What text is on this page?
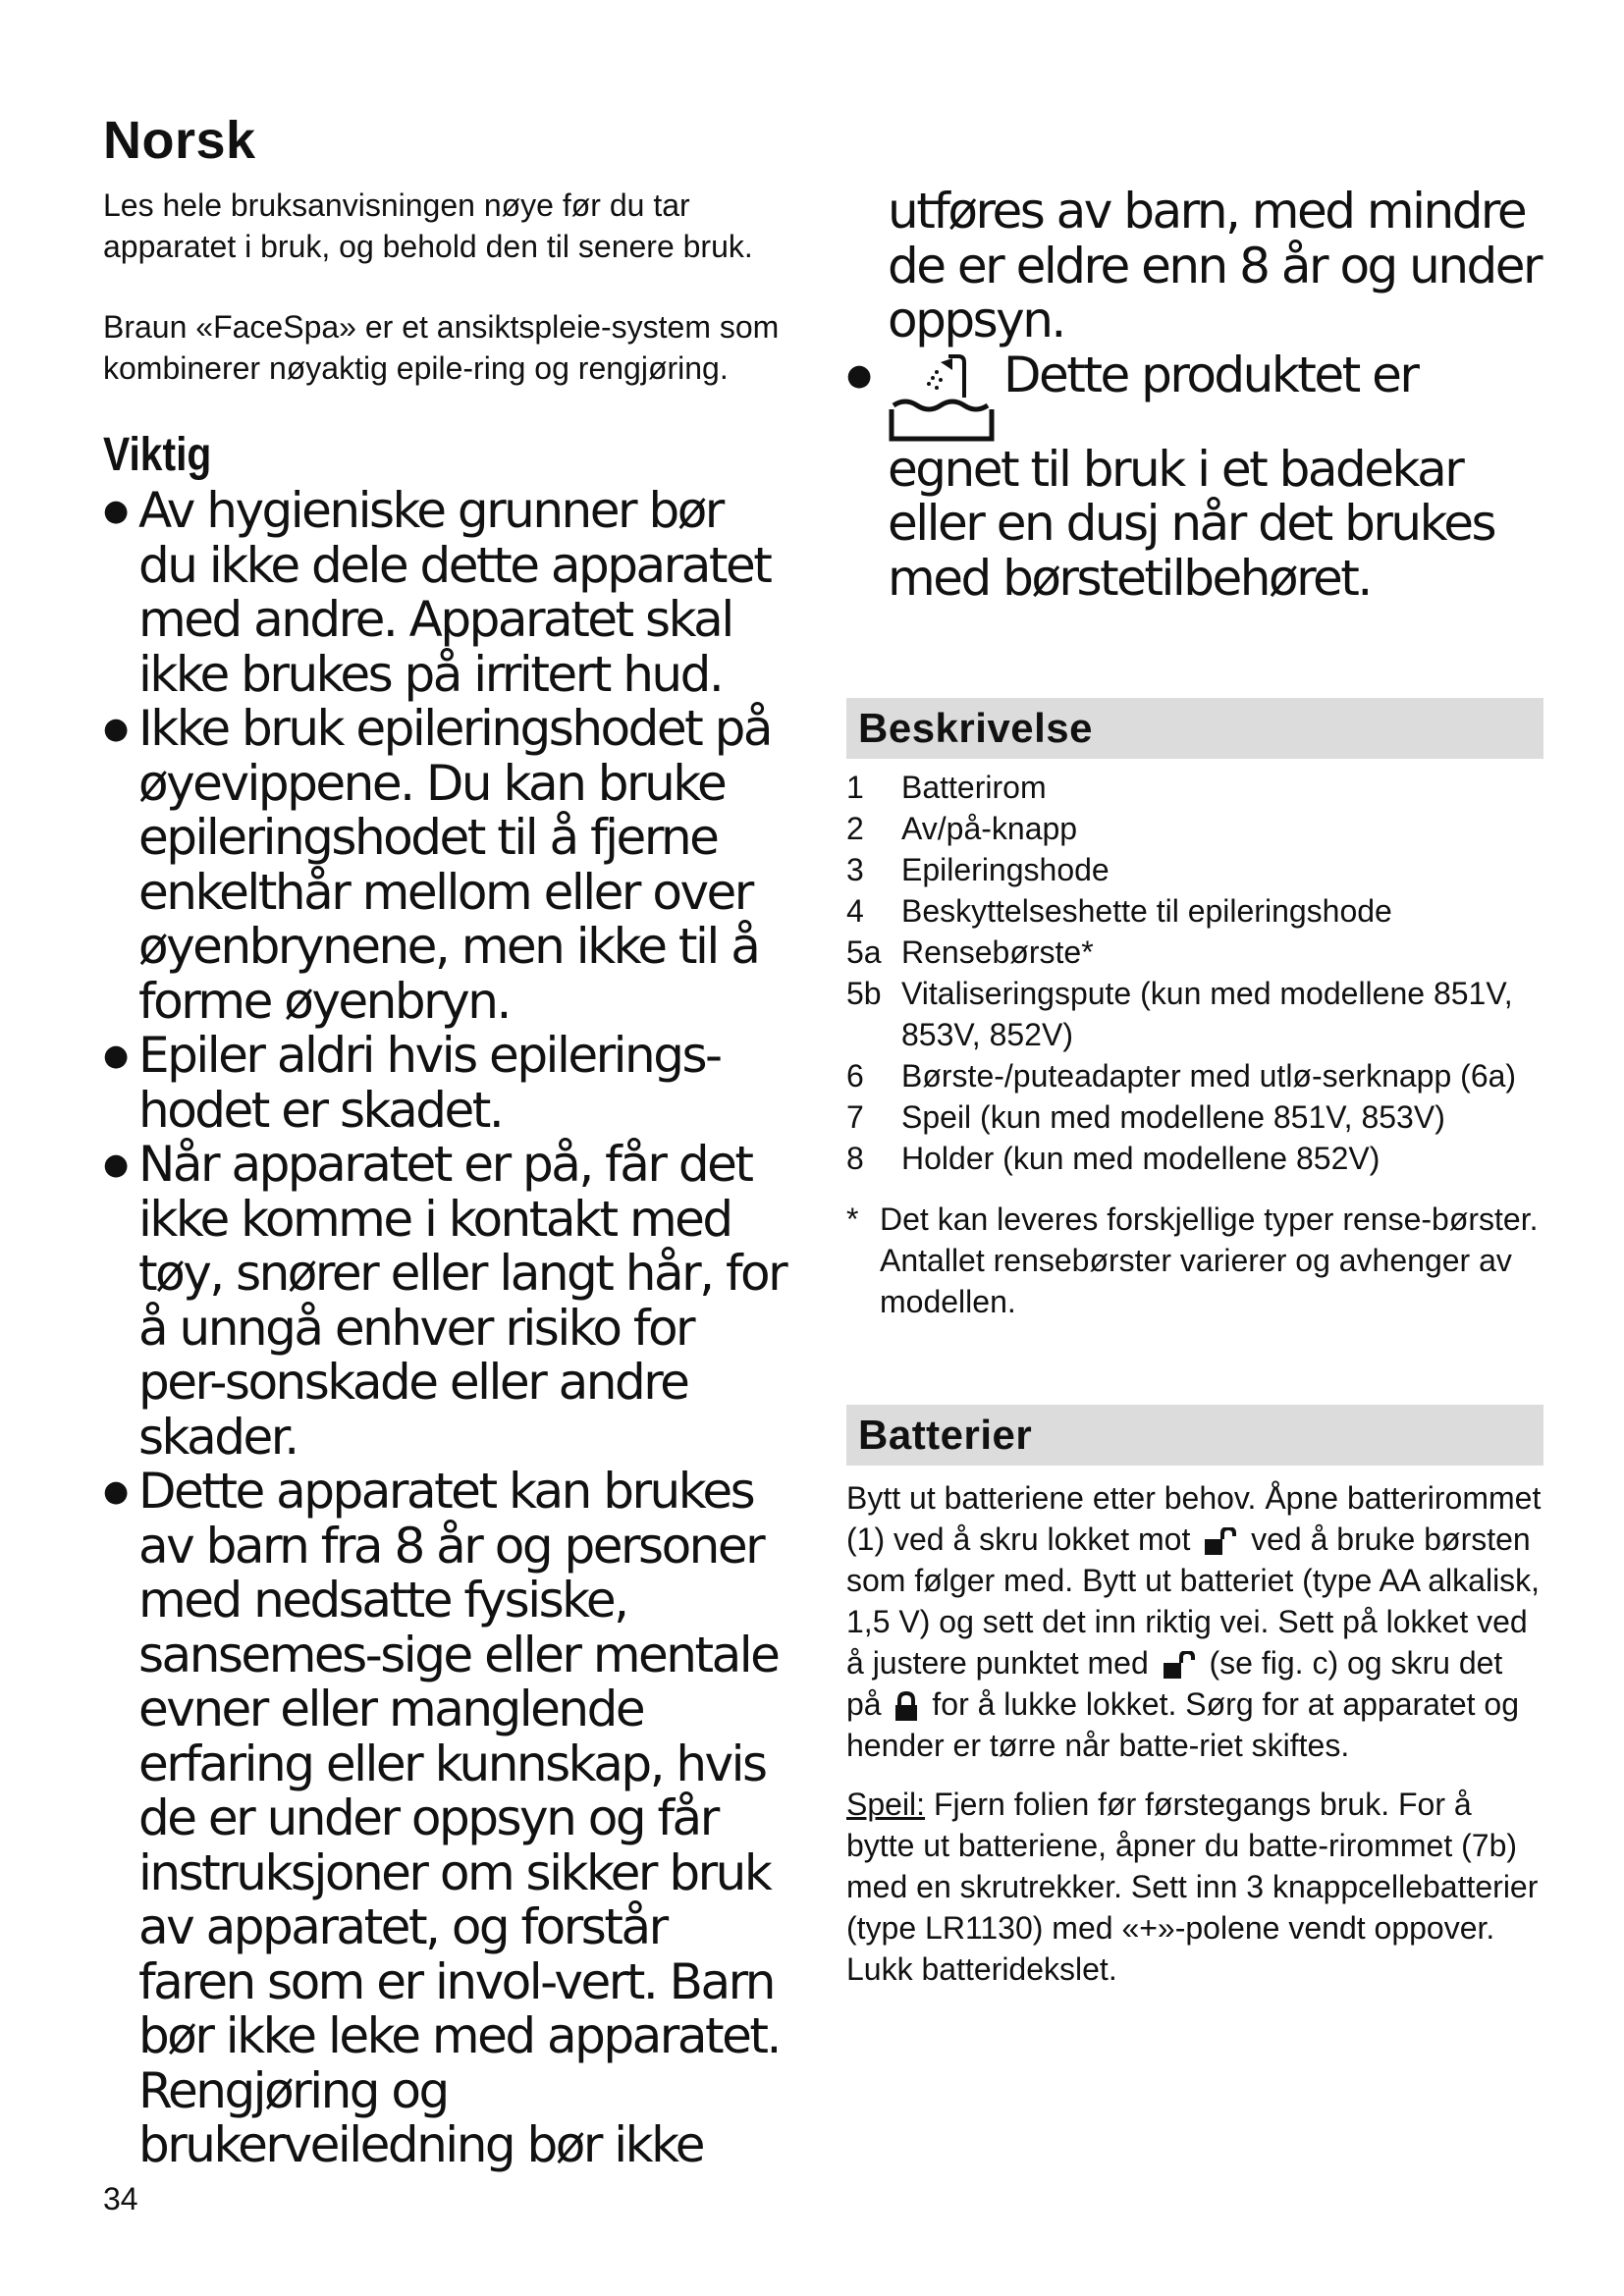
Norsk

Les hele bruksanvisningen nøye før du tar apparatet i bruk, og behold den til senere bruk.

Braun «FaceSpa» er et ansiktspleie-system som kombinerer nøyaktig epile-ring og rengjøring.

Viktig
● Av hygieniske grunner bør du ikke dele dette apparatet med andre. Apparatet skal ikke brukes på irritert hud.
● Ikke bruk epileringshodet på øyevippene. Du kan bruke epileringshodet til å fjerne enkelthår mellom eller over øyenbrynene, men ikke til å forme øyenbryn.
● Epiler aldri hvis epilerings-hodet er skadet.
● Når apparatet er på, får det ikke komme i kontakt med tøy, snører eller langt hår, for å unngå enhver risiko for per-sonskade eller andre skader.
● Dette apparatet kan brukes av barn fra 8 år og personer med nedsatte fysiske, sansemes-sige eller mentale evner eller manglende erfaring eller kunnskap, hvis de er under oppsyn og får instruksjoner om sikker bruk av apparatet, og forstår faren som er invol-vert. Barn bør ikke leke med apparatet. Rengjøring og brukerveiledning bør ikke

utføres av barn, med mindre de er eldre enn 8 år og under oppsyn.

● Dette produktet er egnet til bruk i et badekar eller en dusj når det brukes med børstetilbehøret.
Beskrivelse
1	Batterirom
2	Av/på-knapp
3	Epileringshode
4	Beskyttelseshette til epileringshode
5a Rensebørste*
5b Vitaliseringspute (kun med modellene 851V, 853V, 852V)
6	Børste-/puteadapter med utlø-serknapp (6a)
7	Speil (kun med modellene 851V, 853V)
8	Holder (kun med modellene 852V)
* Det kan leveres forskjellige typer rense-børster. Antallet rensebørster varierer og avhenger av modellen.
Batterier

Bytt ut batteriene etter behov. Åpne batterirommet (1) ved å skru lokket mot ved å bruke børsten som følger med. Bytt ut batteriet (type AA alkalisk, 1,5 V) og sett det inn riktig vei. Sett på lokket ved å justere punktet med (se fig. c) og skru det på for å lukke lokket. Sørg for at apparatet og hender er tørre når batte-riet skiftes.

Speil: Fjern folien før førstegangs bruk. For å bytte ut batteriene, åpner du batte-rirommet (7b) med en skrutrekker. Sett inn 3 knappcellebatterier (type LR1130) med «+»-polene vendt oppover. Lukk batteridekslet.

34
